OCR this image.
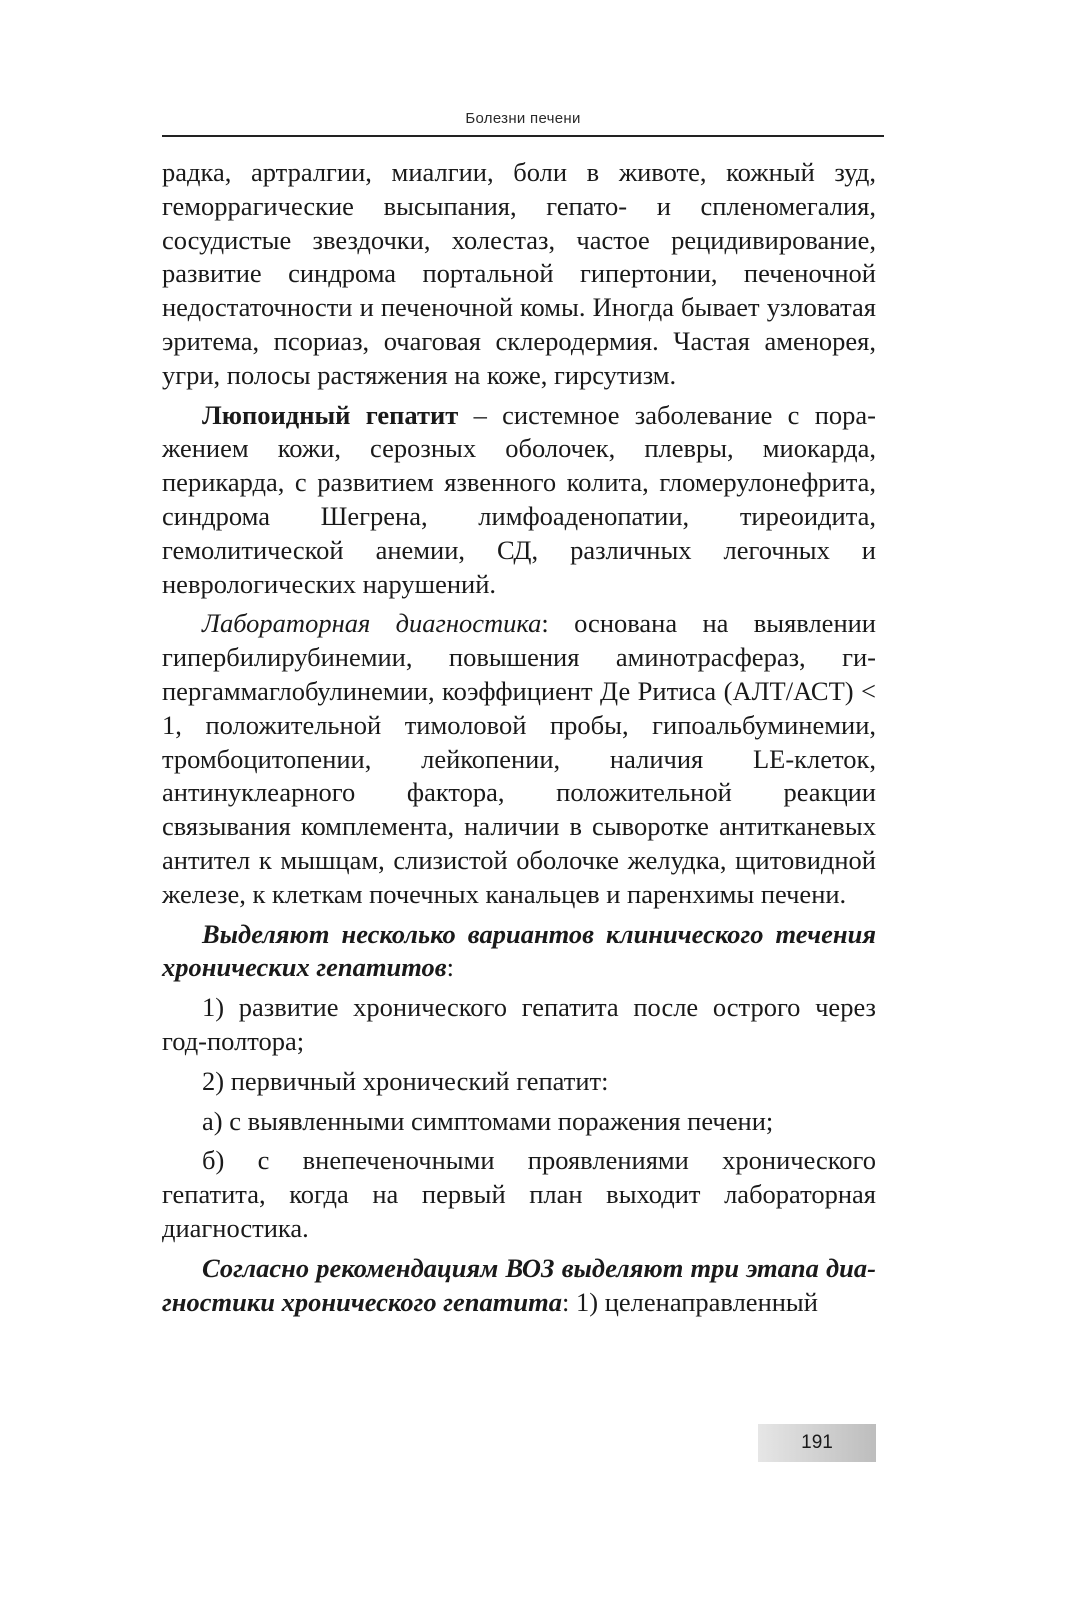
Болезни печени

радка, артралгии, миалгии, боли в животе, кожный зуд, геморрагические высыпания, гепато- и спленомегалия, сосудистые звездочки, холестаз, частое рецидивирование, развитие синдрома портальной гипертонии, печеночной недостаточности и печеночной комы. Иногда бывает узловатая эритема, псориаз, очаговая склеродермия. Частая аменорея, угри, полосы растяжения на коже, гирсутизм.

Люпоидный гепатит – системное заболевание с поражением кожи, серозных оболочек, плевры, миокарда, перикарда, с развитием язвенного колита, гломерулонефрита, синдрома Шегрена, лимфоаденопатии, тиреоидита, гемолитической анемии, СД, различных легочных и неврологических нарушений.

Лабораторная диагностика: основана на выявлении гипербилирубинемии, повышения аминотрасфераз, гипергаммаглобулинемии, коэффициент Де Ритиса (АЛТ/АСТ) < 1, положительной тимоловой пробы, гипоальбуминемии, тромбоцитопении, лейкопении, наличия LE-клеток, антинуклеарного фактора, положительной реакции связывания комплемента, наличии в сыворотке антитканевых антител к мышцам, слизистой оболочке желудка, щитовидной железе, к клеткам почечных канальцев и паренхимы печени.

Выделяют несколько вариантов клинического течения хронических гепатитов:

1) развитие хронического гепатита после острого через год-полтора;

2) первичный хронический гепатит:

а) с выявленными симптомами поражения печени;

б) с внепеченочными проявлениями хронического гепатита, когда на первый план выходит лабораторная диагностика.

Согласно рекомендациям ВОЗ выделяют три этапа диагностики хронического гепатита: 1) целенаправленный

191
